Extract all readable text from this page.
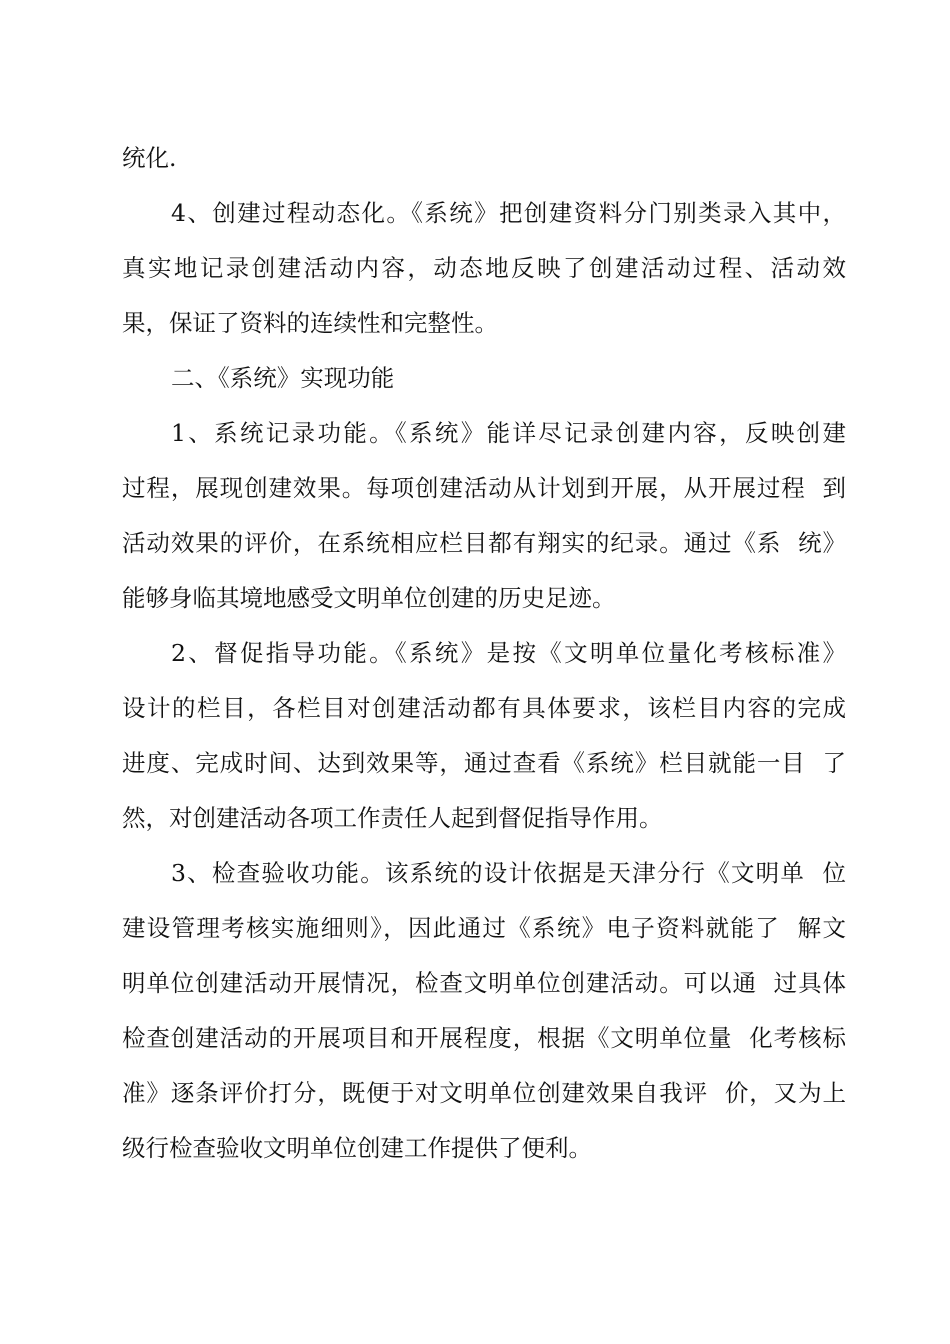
统化.

4、创建过程动态化。《系统》把创建资料分门别类录入其中，

真实地记录创建活动内容，动态地反映了创建活动过程、活动效

果，保证了资料的连续性和完整性。

二、《系统》实现功能

1、系统记录功能。《系统》能详尽记录创建内容，反映创建

过程，展现创建效果。每项创建活动从计划到开展，从开展过程  到

活动效果的评价，在系统相应栏目都有翔实的纪录。通过《系  统》

能够身临其境地感受文明单位创建的历史足迹。

2、督促指导功能。《系统》是按《文明单位量化考核标准》

设计的栏目，各栏目对创建活动都有具体要求，该栏目内容的完成

进度、完成时间、达到效果等，通过查看《系统》栏目就能一目  了

然，对创建活动各项工作责任人起到督促指导作用。

3、检查验收功能。该系统的设计依据是天津分行《文明单  位

建设管理考核实施细则》，因此通过《系统》电子资料就能了  解文

明单位创建活动开展情况，检查文明单位创建活动。可以通  过具体

检查创建活动的开展项目和开展程度，根据《文明单位量  化考核标

准》逐条评价打分，既便于对文明单位创建效果自我评  价，又为上

级行检查验收文明单位创建工作提供了便利。
